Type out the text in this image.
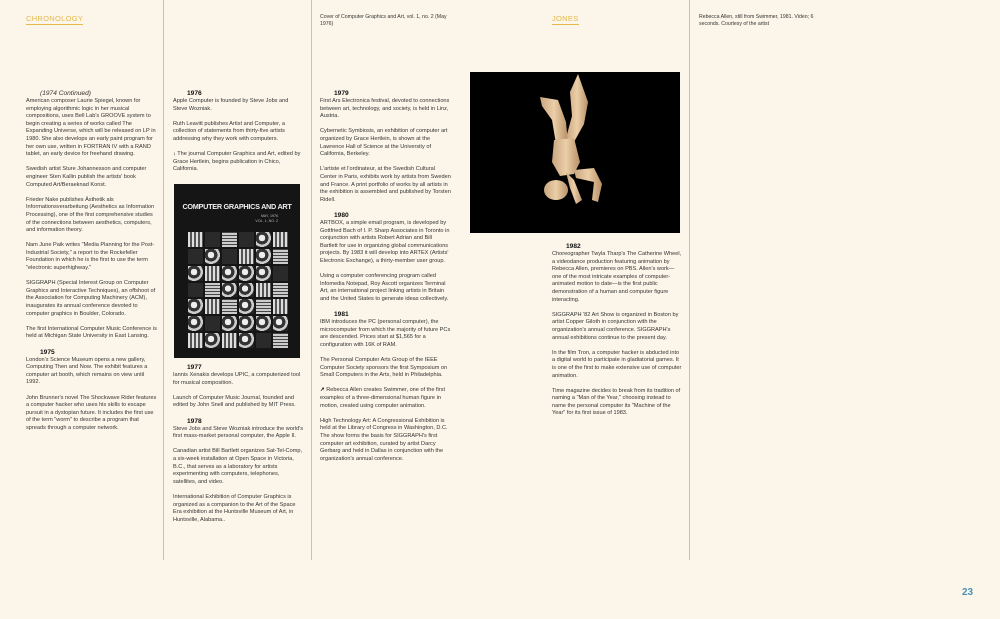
CHRONOLOGY	JONES
Cover of Computer Graphics and Art, vol. 1, no. 2 (May 1976)
Rebecca Allen, still from Swimmer, 1981. Video; 6 seconds. Courtesy of the artist
(1974 Continued)

American composer Laurie Spiegel, known for employing algorithmic logic in her musical compositions, uses Bell Lab's GROOVE system to begin creating a series of works called The Expanding Universe, which will be released on LP in 1980. She also develops an early paint program for her own use, written in FORTRAN IV with a RAND tablet, an early device for freehand drawing.

Swedish artist Sture Johannesson and computer engineer Sten Kallin publish the artists' book Computed Art/Beraeknad Konst.

Frieder Nake publishes Ästhetik als Informationsverarbeitung (Aesthetics as Information Processing), one of the first comprehensive studies of the connections between aesthetics, computers, and information theory.

Nam June Paik writes "Media Planning for the Post-Industrial Society," a report to the Rockefeller Foundation in which he is the first to use the term "electronic superhighway."

SIGGRAPH (Special Interest Group on Computer Graphics and Interactive Techniques), an offshoot of the Association for Computing Machinery (ACM), inaugurates its annual conference devoted to computer graphics in Boulder, Colorado.

The first International Computer Music Conference is held at Michigan State University in East Lansing.

1975

London's Science Museum opens a new gallery, Computing Then and Now. The exhibit features a computer art booth, which remains on view until 1992.

John Brunner's novel The Shockwave Rider features a computer hacker who uses his skills to escape pursuit in a dystopian future. It includes the first use of the term "worm" to describe a program that spreads through a computer network.

1976

Apple Computer is founded by Steve Jobs and Steve Wozniak.

Ruth Leavitt publishes Artist and Computer, a collection of statements from thirty-five artists addressing why they work with computers.

↓ The journal Computer Graphics and Art, edited by Grace Hertlein, begins publication in Chico, California.

COMPUTER GRAPHICS AND ART
MAY, 1976
VOL. 1, NO. 2
1977

Iannis Xenakis develops UPIC, a computerized tool for musical composition.

Launch of Computer Music Journal, founded and edited by John Snell and published by MIT Press.

1978

Steve Jobs and Steve Wozniak introduce the world's first mass-market personal computer, the Apple II.

Canadian artist Bill Bartlett organizes Sat-Tel-Comp, a six-week installation at Open Space in Victoria, B.C., that serves as a laboratory for artists experimenting with computers, telephones, satellites, and video.

International Exhibition of Computer Graphics is organized as a companion to the Art of the Space Era exhibition at the Huntsville Museum of Art, in Huntsville, Alabama..

1979

First Ars Electronica festival, devoted to connections between art, technology, and society, is held in Linz, Austria.

Cybernetic Symbiosis, an exhibition of computer art organized by Grace Hertlein, is shown at the Lawrence Hall of Science at the University of California, Berkeley.

L'artiste et l'ordinateur, at the Swedish Cultural Center in Paris, exhibits work by artists from Sweden and France. A print portfolio of works by all artists in the exhibition is assembled and published by Torsten Ridell.

1980

ARTBOX, a simple email program, is developed by Gottfried Bach of I. P. Sharp Associates in Toronto in conjunction with artists Robert Adrian and Bill Bartlett for use in organizing global communications projects. By 1983 it will develop into ARTEX (Artists' Electronic Exchange), a thirty-member user group.

Using a computer conferencing program called Infomedia Notepad, Roy Ascott organizes Terminal Art, an international project linking artists in Britain and the United States to generate ideas collectively.

1981

IBM introduces the PC (personal computer), the microcomputer from which the majority of future PCs are descended. Prices start at $1,565 for a configuration with 16K of RAM.

The Personal Computer Arts Group of the IEEE Computer Society sponsors the first Symposium on Small Computers in the Arts, held in Philadelphia.

↗ Rebecca Allen creates Swimmer, one of the first examples of a three-dimensional human figure in motion, created using computer animation.

High Technology Art: A Congressional Exhibition is held at the Library of Congress in Washington, D.C. The show forms the basis for SIGGRAPH's first computer art exhibition, curated by artist Darcy Gerbarg and held in Dallas in conjunction with the organization's annual conference.

1982

Choreographer Twyla Tharp's The Catherine Wheel, a videodance production featuring animation by Rebecca Allen, premieres on PBS. Allen's work—one of the most intricate examples of computer-animated motion to date—is the first public demonstration of a human and computer figure interacting.

SIGGRAPH '82 Art Show is organized in Boston by artist Copper Giloth in conjunction with the organization's annual conference. SIGGRAPH's annual exhibitions continue to the present day.

In the film Tron, a computer hacker is abducted into a digital world to participate in gladiatorial games. It is one of the first to make extensive use of computer animation.

Time magazine decides to break from its tradition of naming a "Man of the Year," choosing instead to name the personal computer its "Machine of the Year" for its first issue of 1983.

23
